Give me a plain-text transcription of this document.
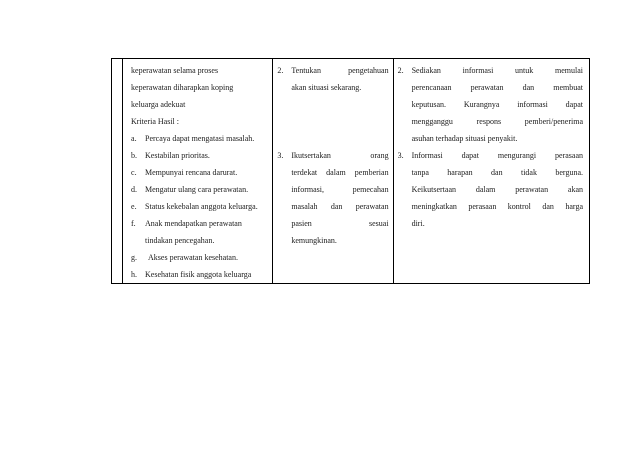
keperawatan selama proses
keperawatan diharapkan koping
keluarga adekuat
Kriteria Hasil :
a.	Percaya dapat mengatasi masalah.
b.	Kestabilan prioritas.
c.	Mempunyai rencana darurat.
d.	Mengatur ulang cara perawatan.
e.	Status kekebalan anggota keluarga.
f.	Anak mendapatkan perawatan
tindakan pencegahan.
g.	Akses perawatan kesehatan.
h.	Kesehatan fisik anggota keluarga

2.	Tentukan pengetahuan
akan situasi sekarang.
3.	Ikutsertakan orang
terdekat dalam pemberian
informasi, pemecahan
masalah dan perawatan
pasien sesuai
kemungkinan.

2.	Sediakan informasi untuk memulai
perencanaan perawatan dan membuat
keputusan. Kurangnya informasi dapat
mengganggu respons pemberi/penerima
asuhan terhadap situasi penyakit.
3.	Informasi dapat mengurangi perasaan
tanpa harapan dan tidak berguna.
Keikutsertaan dalam perawatan akan
meningkatkan perasaan kontrol dan harga
diri.
